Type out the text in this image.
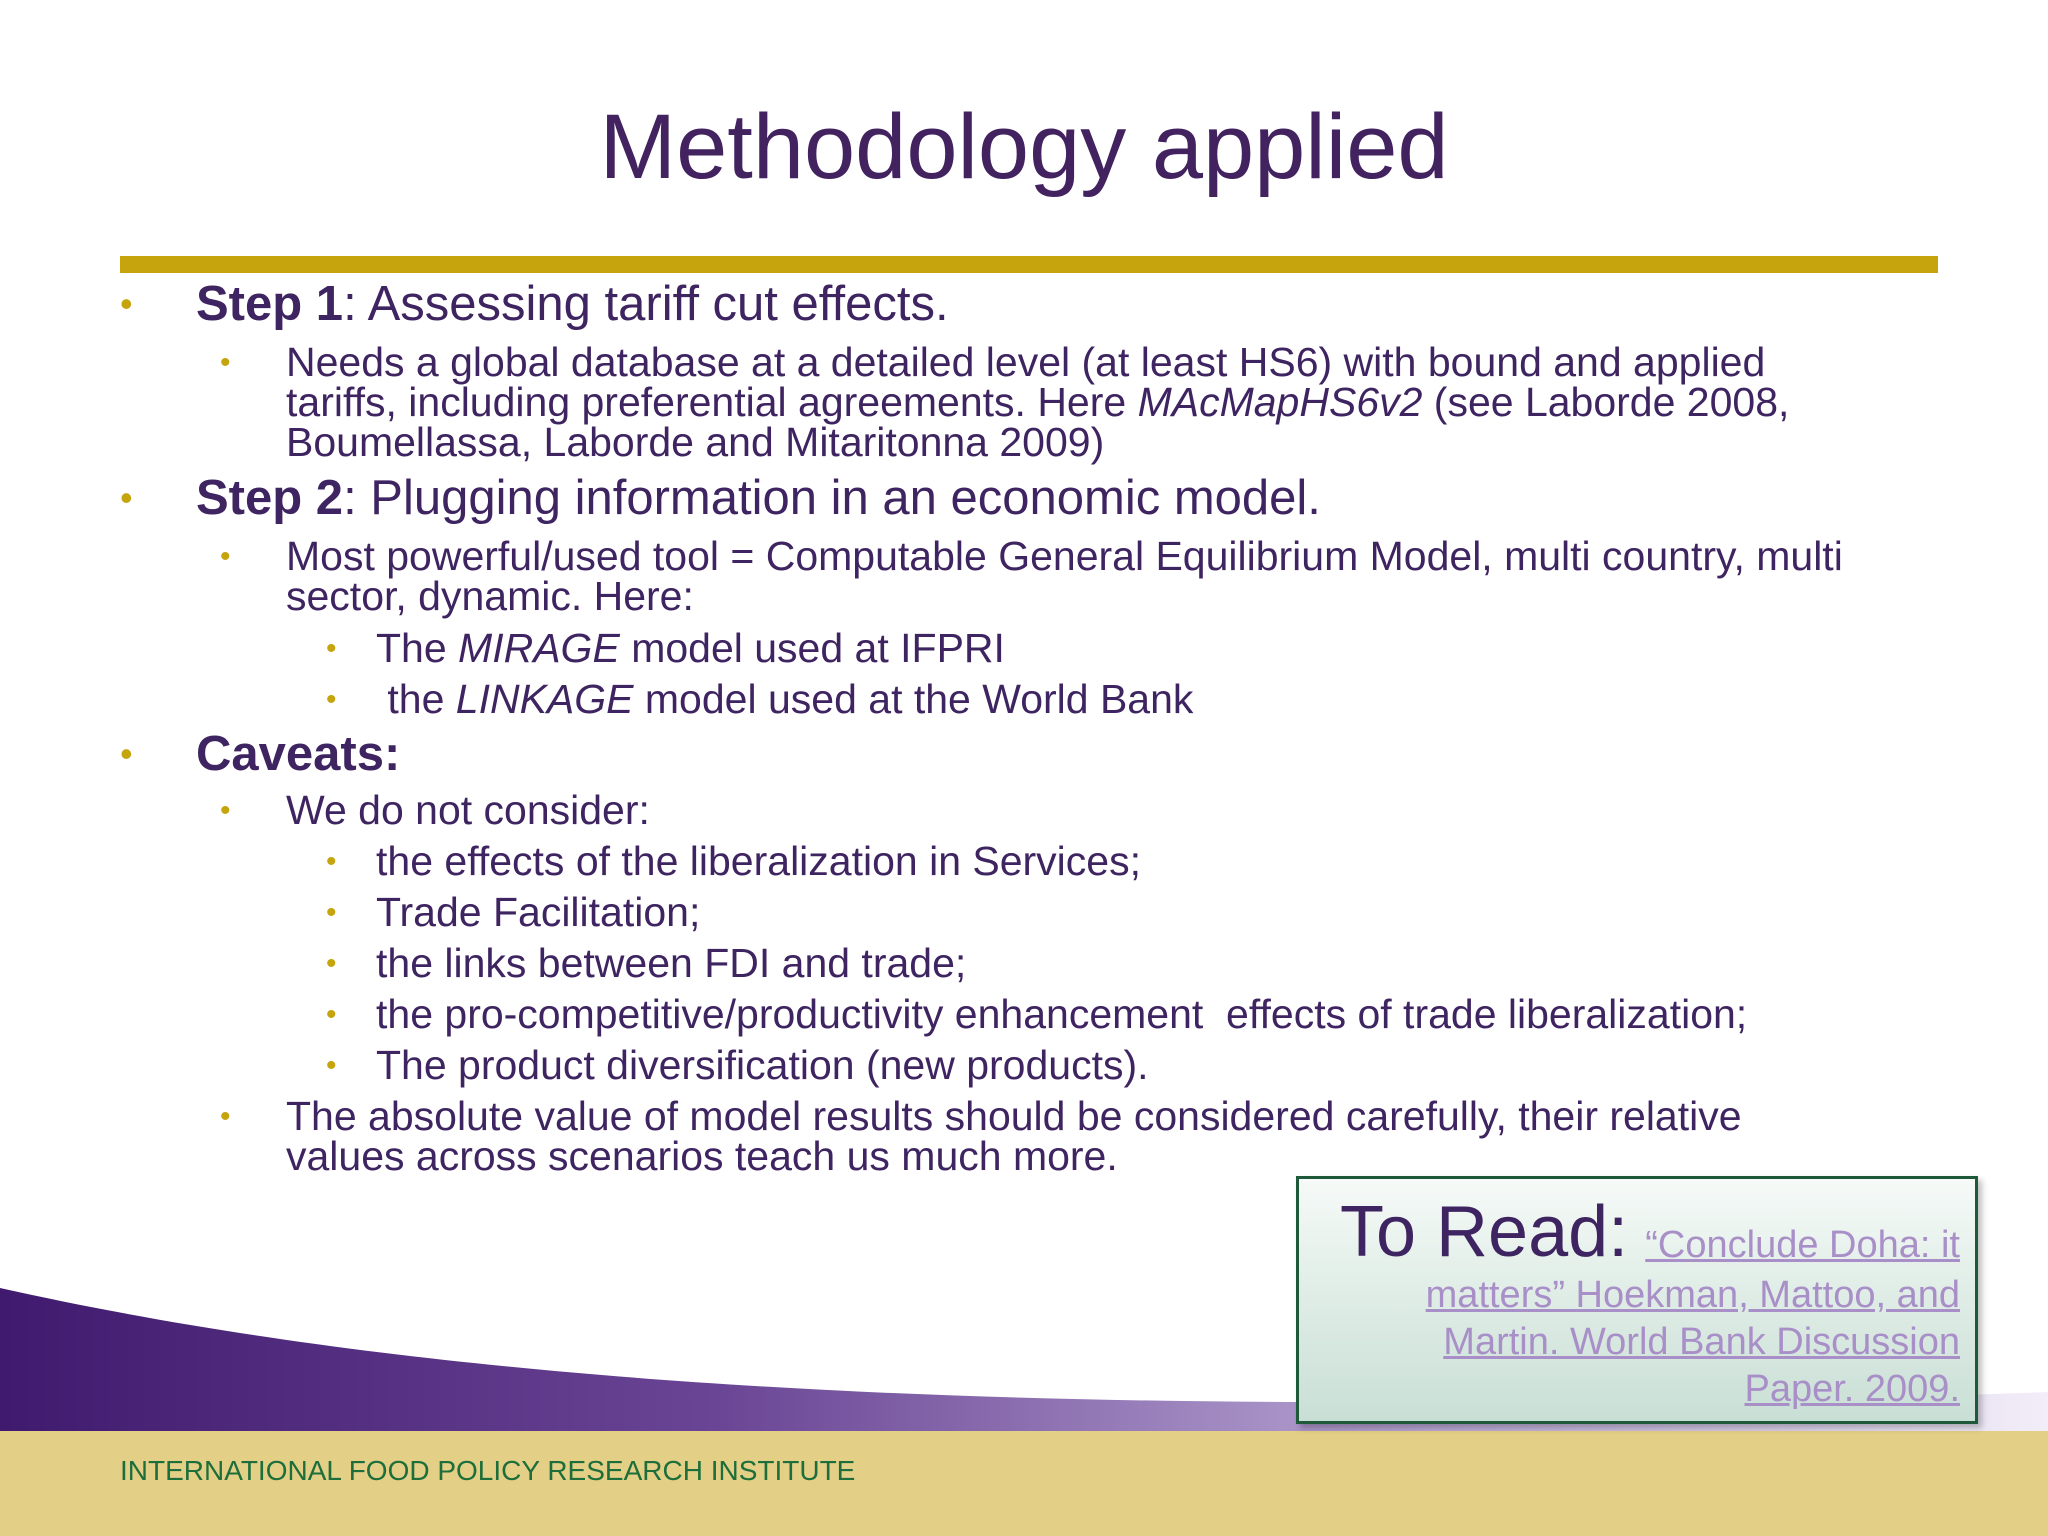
Methodology applied
• Step 1: Assessing tariff cut effects.
• Needs a global database at a detailed level (at least HS6) with bound and applied
tariffs, including preferential agreements. Here MAcMapHS6v2 (see Laborde 2008,
Boumellassa, Laborde and Mitaritonna 2009)
• Step 2: Plugging information in an economic model.
• Most powerful/used tool = Computable General Equilibrium Model, multi country, multi
sector, dynamic. Here:
• The MIRAGE model used at IFPRI
• the LINKAGE model used at the World Bank
• Caveats:
• We do not consider:
• the effects of the liberalization in Services;
• Trade Facilitation;
• the links between FDI and trade;
• the pro-competitive/productivity enhancement  effects of trade liberalization;
• The product diversification (new products).
• The absolute value of model results should be considered carefully, their relative
values across scenarios teach us much more.
INTERNATIONAL FOOD POLICY RESEARCH INSTITUTE
To Read: “Conclude Doha: it
matters” Hoekman, Mattoo, and
Martin. World Bank Discussion
Paper. 2009.
